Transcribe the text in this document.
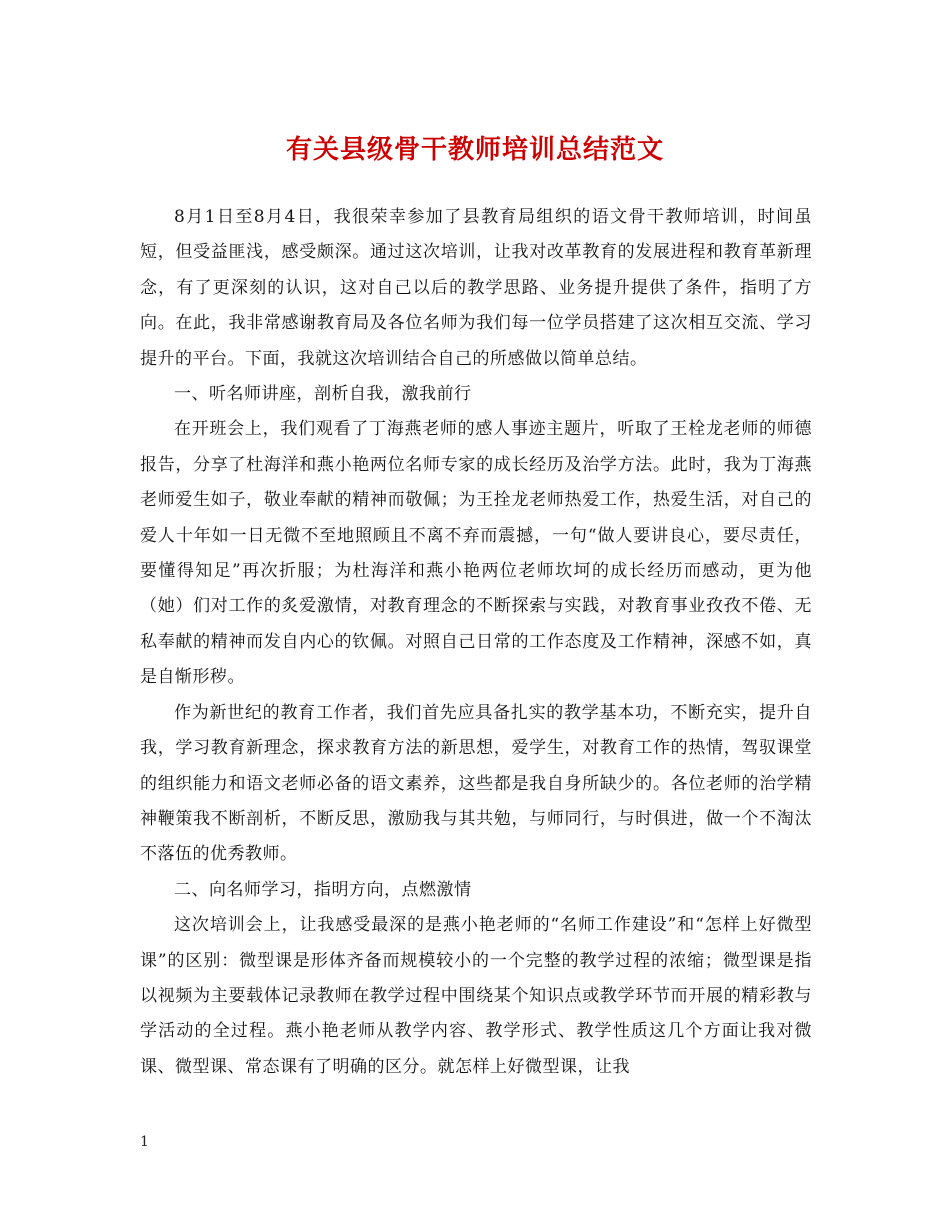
有关县级骨干教师培训总结范文

8月1日至8月4日，我很荣幸参加了县教育局组织的语文骨干教师培训，时间虽短，但受益匪浅，感受颇深。通过这次培训，让我对改革教育的发展进程和教育革新理念，有了更深刻的认识，这对自己以后的教学思路、业务提升提供了条件，指明了方向。在此，我非常感谢教育局及各位名师为我们每一位学员搭建了这次相互交流、学习提升的平台。下面，我就这次培训结合自己的所感做以简单总结。

一、听名师讲座，剖析自我，激我前行

在开班会上，我们观看了丁海燕老师的感人事迹主题片，听取了王栓龙老师的师德报告，分享了杜海洋和燕小艳两位名师专家的成长经历及治学方法。此时，我为丁海燕老师爱生如子，敬业奉献的精神而敬佩；为王拴龙老师热爱工作，热爱生活，对自己的爱人十年如一日无微不至地照顾且不离不弃而震撼，一句“做人要讲良心，要尽责任，要懂得知足”再次折服；为杜海洋和燕小艳两位老师坎坷的成长经历而感动，更为他（她）们对工作的炙爱激情，对教育理念的不断探索与实践，对教育事业孜孜不倦、无私奉献的精神而发自内心的钦佩。对照自己日常的工作态度及工作精神，深感不如，真是自惭形秽。

作为新世纪的教育工作者，我们首先应具备扎实的教学基本功，不断充实，提升自我，学习教育新理念，探求教育方法的新思想，爱学生，对教育工作的热情，驾驭课堂的组织能力和语文老师必备的语文素养，这些都是我自身所缺少的。各位老师的治学精神鞭策我不断剖析，不断反思，激励我与其共勉，与师同行，与时俱进，做一个不淘汰不落伍的优秀教师。

二、向名师学习，指明方向，点燃激情

这次培训会上，让我感受最深的是燕小艳老师的“名师工作建设”和“怎样上好微型课”的区别：微型课是形体齐备而规模较小的一个完整的教学过程的浓缩；微型课是指以视频为主要载体记录教师在教学过程中围绕某个知识点或教学环节而开展的精彩教与学活动的全过程。燕小艳老师从教学内容、教学形式、教学性质这几个方面让我对微课、微型课、常态课有了明确的区分。就怎样上好微型课，让我

1
